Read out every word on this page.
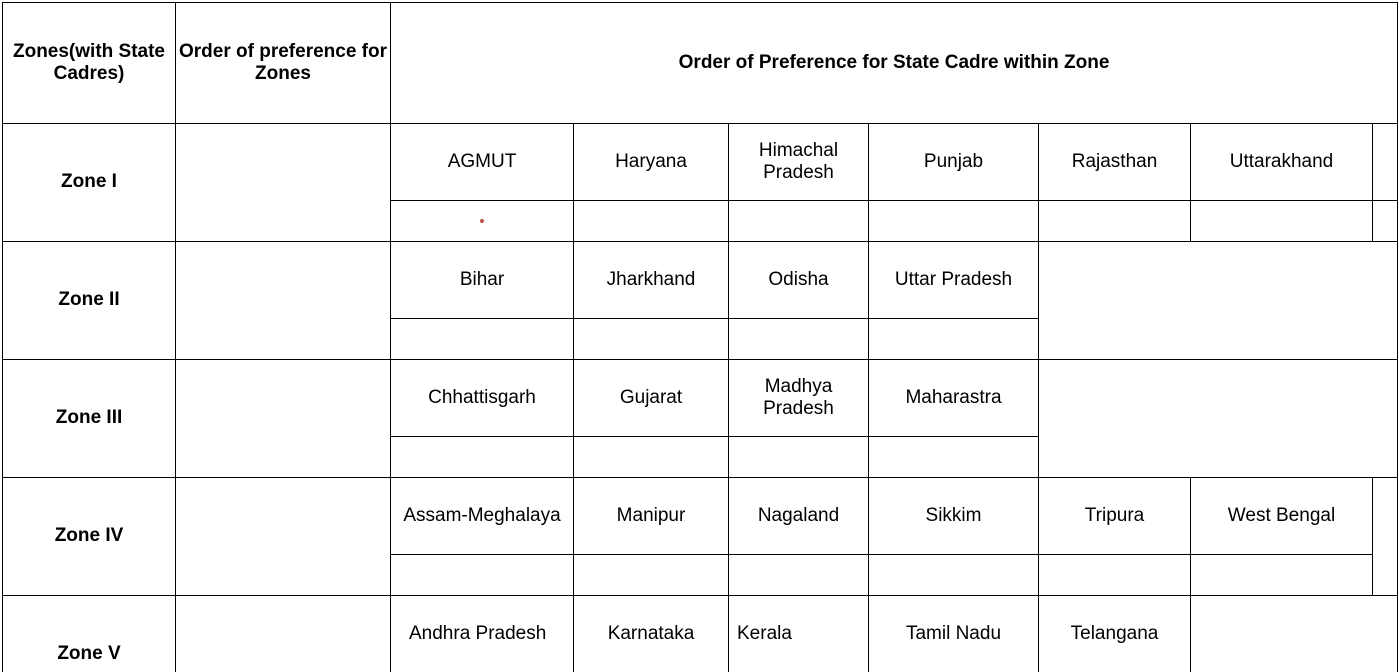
Zones(with State Cadres)	Order of preference for Zones	Order of Preference for State Cadre within Zone						
Zone I		AGMUT	Haryana	Himachal Pradesh	Punjab	Rajasthan	Uttarakhand	

Zone II		Bihar	Jharkhand	Odisha	Uttar Pradesh			

Zone III		Chhattisgarh	Gujarat	Madhya Pradesh	Maharastra			

Zone IV		Assam-Meghalaya	Manipur	Nagaland	Sikkim	Tripura	West Bengal	

Zone V		Andhra Pradesh	Karnataka	Kerala	Tamil Nadu	Telangana		
